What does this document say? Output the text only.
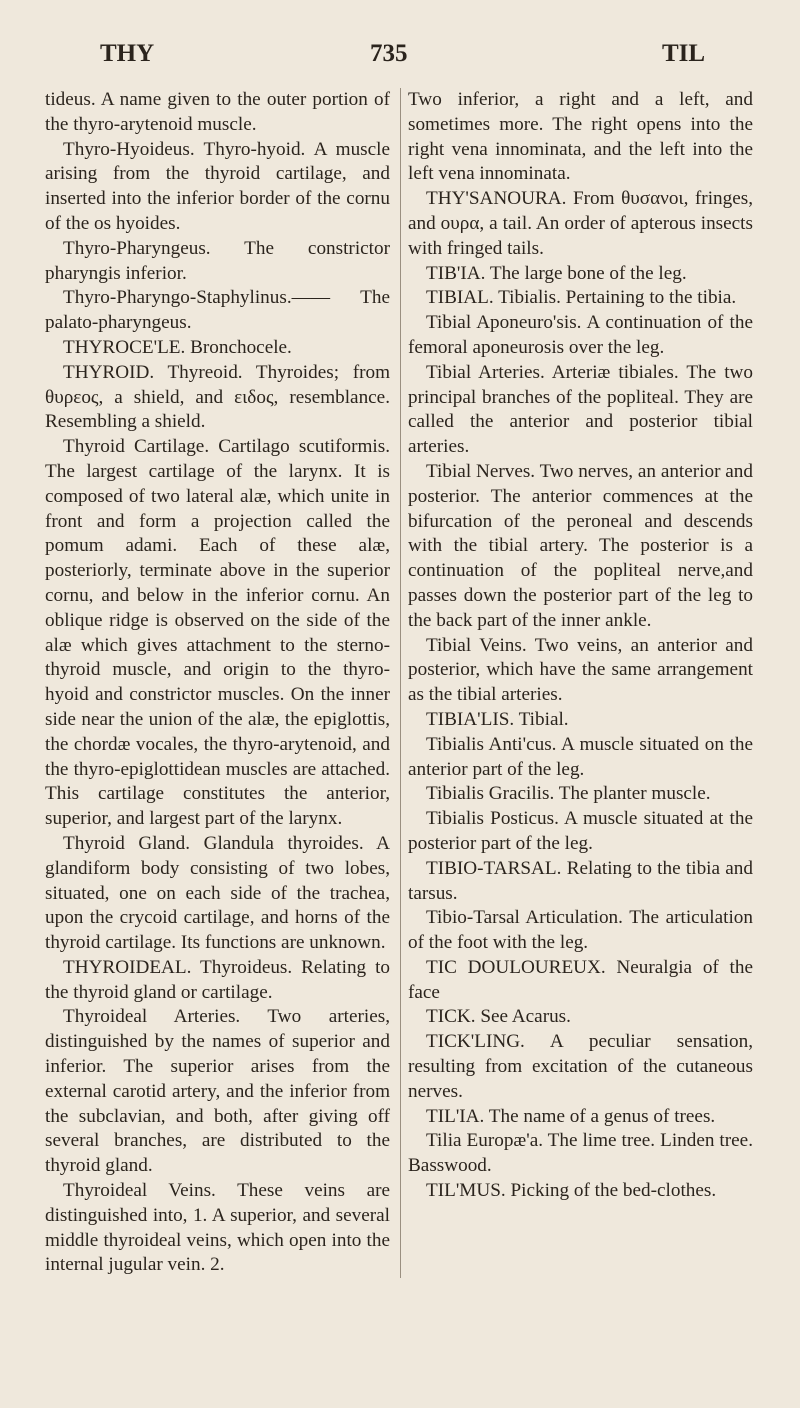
THY	735	TIL

tideus. A name given to the outer portion of the thyro-arytenoid muscle.

Thyro-Hyoideus. Thyro-hyoid. A muscle arising from the thyroid cartilage, and inserted into the inferior border of the cornu of the os hyoides.

Thyro-Pharyngeus. The constrictor pharyngis inferior.

Thyro-Pharyngo-Staphylinus.—— The palato-pharyngeus.

THYROCE'LE. Bronchocele.

THYROID. Thyreoid. Thyroides; from θυρεος, a shield, and ειδος, resemblance. Resembling a shield.

Thyroid Cartilage. Cartilago scutiformis. The largest cartilage of the larynx. It is composed of two lateral alæ, which unite in front and form a projection called the pomum adami. Each of these alæ, posteriorly, terminate above in the superior cornu, and below in the inferior cornu. An oblique ridge is observed on the side of the alæ which gives attachment to the sterno-thyroid muscle, and origin to the thyro-hyoid and constrictor muscles. On the inner side near the union of the alæ, the epiglottis, the chordæ vocales, the thyro-arytenoid, and the thyro-epiglottidean muscles are attached. This cartilage constitutes the anterior, superior, and largest part of the larynx.

Thyroid Gland. Glandula thyroides. A glandiform body consisting of two lobes, situated, one on each side of the trachea, upon the crycoid cartilage, and horns of the thyroid cartilage. Its functions are unknown.

THYROIDEAL. Thyroideus. Relating to the thyroid gland or cartilage.

Thyroideal Arteries. Two arteries, distinguished by the names of superior and inferior. The superior arises from the external carotid artery, and the inferior from the subclavian, and both, after giving off several branches, are distributed to the thyroid gland.

Thyroideal Veins. These veins are distinguished into, 1. A superior, and several middle thyroideal veins, which open into the internal jugular vein. 2.

Two inferior, a right and a left, and sometimes more. The right opens into the right vena innominata, and the left into the left vena innominata.

THY'SANOURA. From θυσανοι, fringes, and ουρα, a tail. An order of apterous insects with fringed tails.

TIB'IA. The large bone of the leg.

TIBIAL. Tibialis. Pertaining to the tibia.

Tibial Aponeuro'sis. A continuation of the femoral aponeurosis over the leg.

Tibial Arteries. Arteriæ tibiales. The two principal branches of the popliteal. They are called the anterior and posterior tibial arteries.

Tibial Nerves. Two nerves, an anterior and posterior. The anterior commences at the bifurcation of the peroneal and descends with the tibial artery. The posterior is a continuation of the popliteal nerve,and passes down the posterior part of the leg to the back part of the inner ankle.

Tibial Veins. Two veins, an anterior and posterior, which have the same arrangement as the tibial arteries.

TIBIA'LIS. Tibial.

Tibialis Anti'cus. A muscle situated on the anterior part of the leg.

Tibialis Gracilis. The planter muscle.

Tibialis Posticus. A muscle situated at the posterior part of the leg.

TIBIO-TARSAL. Relating to the tibia and tarsus.

Tibio-Tarsal Articulation. The articulation of the foot with the leg.

TIC DOULOUREUX. Neuralgia of the face

TICK. See Acarus.

TICK'LING. A peculiar sensation, resulting from excitation of the cutaneous nerves.

TIL'IA. The name of a genus of trees.

Tilia Europæ'a. The lime tree. Linden tree. Basswood.

TIL'MUS. Picking of the bed-clothes.
